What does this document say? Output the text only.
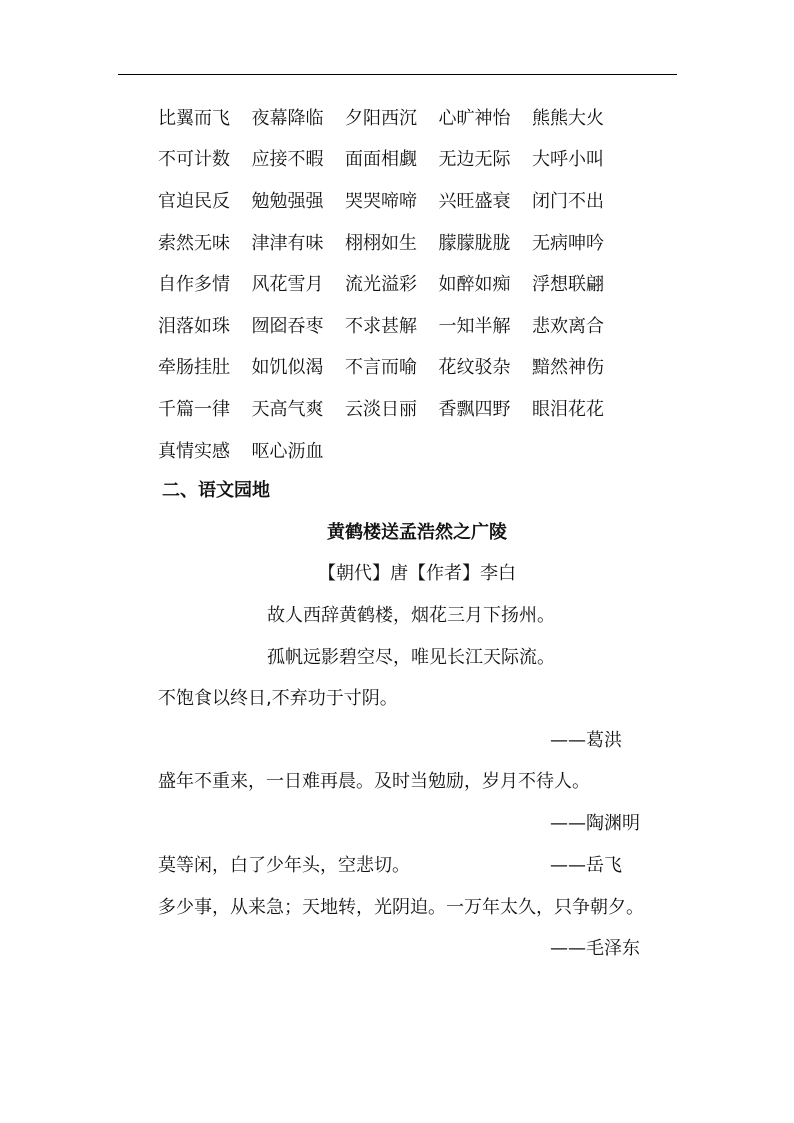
比翼而飞	夜幕降临	夕阳西沉	心旷神怡	熊熊大火
不可计数	应接不暇	面面相觑	无边无际	大呼小叫
官迫民反	勉勉强强	哭哭啼啼	兴旺盛衰	闭门不出
索然无味	津津有味	栩栩如生	朦朦胧胧	无病呻吟
自作多情	风花雪月	流光溢彩	如醉如痴	浮想联翩
泪落如珠	囫囵吞枣	不求甚解	一知半解	悲欢离合
牵肠挂肚	如饥似渴	不言而喻	花纹驳杂	黯然神伤
千篇一律	天高气爽	云淡日丽	香飘四野	眼泪花花
真情实感	呕心沥血
二、语文园地
黄鹤楼送孟浩然之广陵
【朝代】唐【作者】李白
故人西辞黄鹤楼，烟花三月下扬州。
孤帆远影碧空尽，唯见长江天际流。
不饱食以终日,不弃功于寸阴。
——葛洪
盛年不重来，一日难再晨。及时当勉励，岁月不待人。
——陶渊明
莫等闲，白了少年头，空悲切。	——岳飞
多少事，从来急；天地转，光阴迫。一万年太久，只争朝夕。
——毛泽东
